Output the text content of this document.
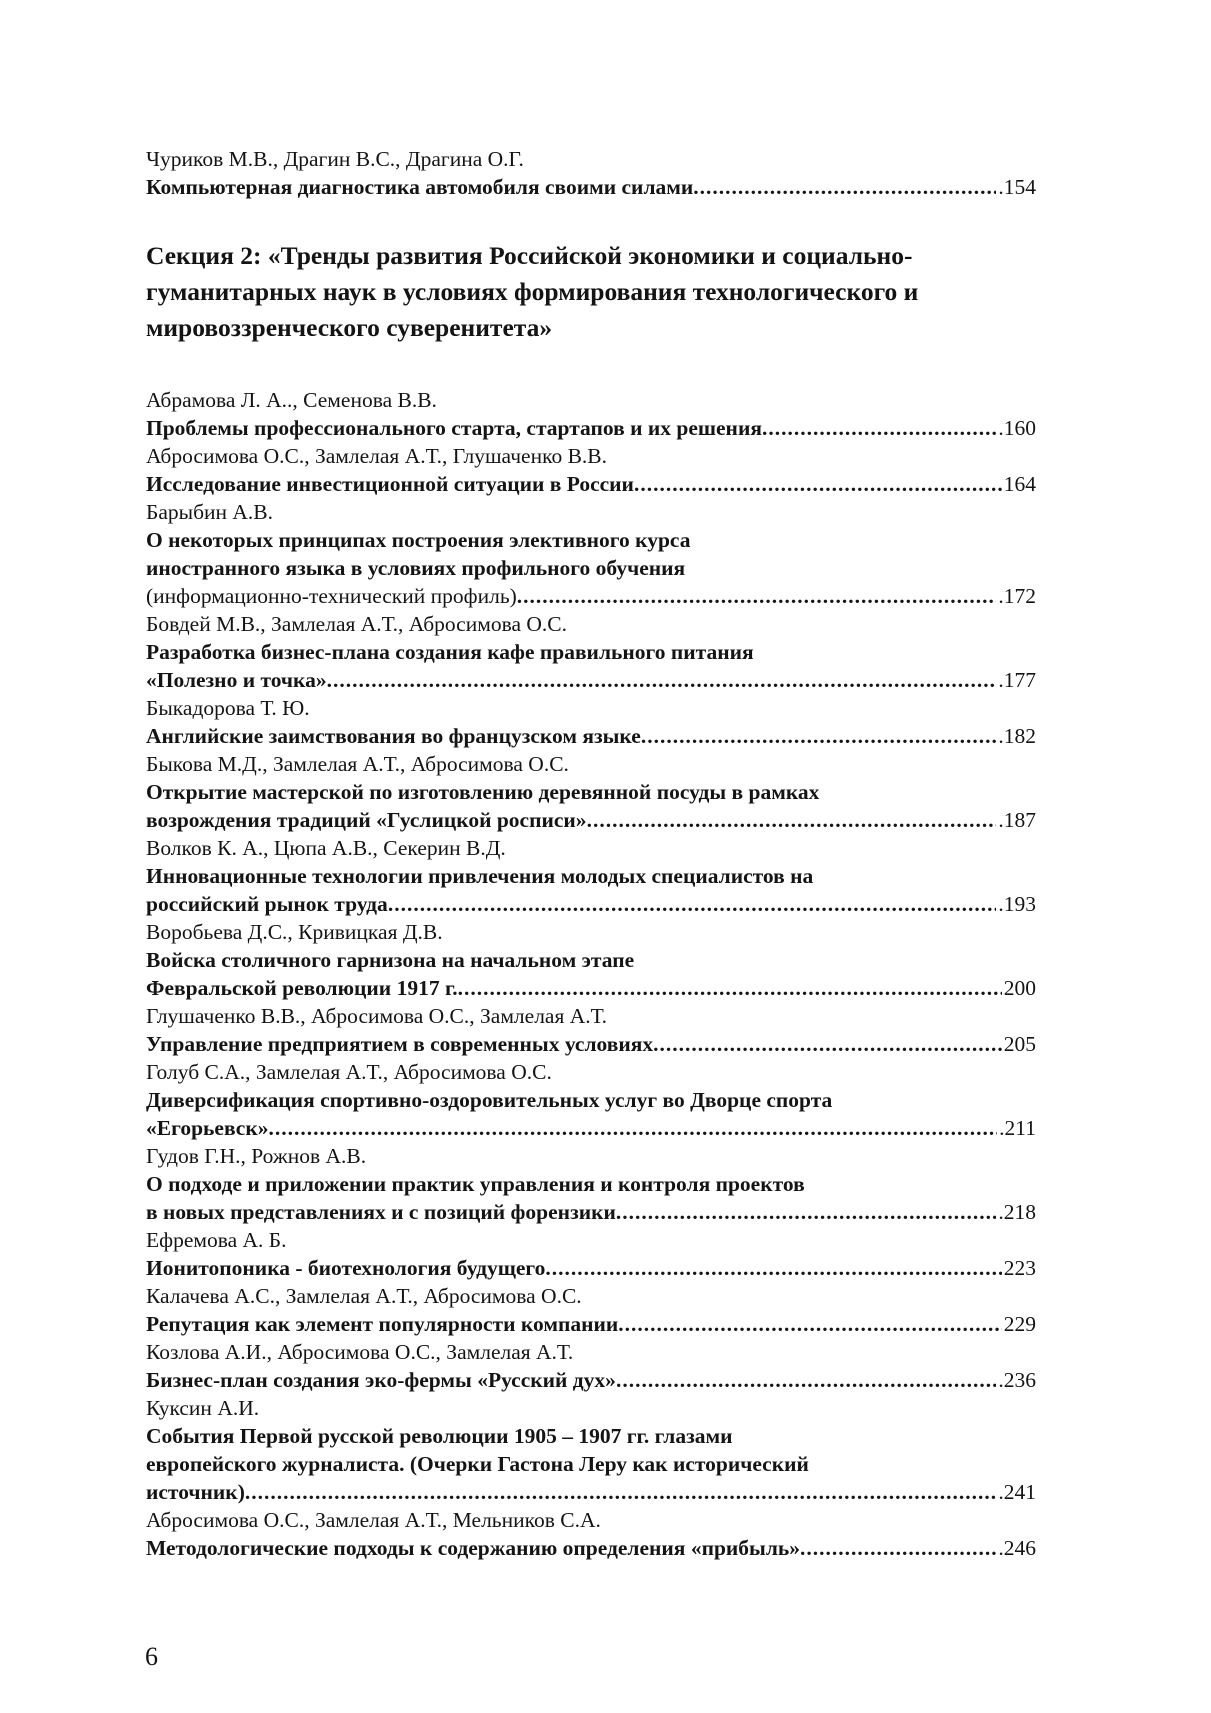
Чуриков М.В., Драгин В.С., Драгина О.Г.
Компьютерная диагностика автомобиля своими силами .....	.154
Секция 2: «Тренды развития Российской экономики и социально-гуманитарных наук в условиях формирования технологического и мировоззренческого суверенитета»
Абрамова Л. А.., Семенова В.В.
Проблемы профессионального старта, стартапов и их решения .....	.160
Абросимова О.С., Замлелая А.Т., Глушаченко В.В.
Исследование инвестиционной ситуации в России .....	164
Барыбин А.В.
О некоторых принципах построения элективного курса
иностранного языка в условиях профильного обучения
(информационно-технический профиль) .....	.172
Бовдей М.В., Замлелая А.Т., Абросимова О.С.
Разработка бизнес-плана создания кафе правильного питания
«Полезно и точка» .....	.177
Быкадорова Т. Ю.
Английские заимствования во французском языке .....	.182
Быкова М.Д., Замлелая А.Т., Абросимова О.С.
Открытие мастерской по изготовлению деревянной посуды в рамках
возрождения традиций «Гуслицкой росписи» .....	.187
Волков К. А., Цюпа А.В., Секерин В.Д.
Инновационные технологии привлечения молодых специалистов на
российский рынок труда .....	.193
Воробьева Д.С., Кривицкая Д.В.
Войска столичного гарнизона на начальном этапе
Февральской революции 1917 г. .....	200
Глушаченко В.В., Абросимова О.С., Замлелая А.Т.
Управление предприятием в современных условиях .....	205
Голуб С.А., Замлелая А.Т., Абросимова О.С.
Диверсификация спортивно-оздоровительных услуг во Дворце спорта
«Егорьевск» .....	.211
Гудов Г.Н., Рожнов А.В.
О подходе и приложении практик управления и контроля проектов
в новых представлениях и с позиций форензики .....	.218
Ефремова А. Б.
Ионитопоника - биотехнология будущего .....	223
Калачева А.С., Замлелая А.Т., Абросимова О.С.
Репутация как элемент популярности компании .....	229
Козлова А.И., Абросимова О.С., Замлелая А.Т.
Бизнес-план создания эко-фермы «Русский дух» .....	.236
Куксин А.И.
События Первой русской революции 1905 – 1907 гг. глазами
европейского журналиста. (Очерки Гастона Леру как исторический
источник) .....	.241
Абросимова О.С., Замлелая А.Т., Мельников С.А.
Методологические подходы к содержанию определения «прибыль» .....	.246
6
